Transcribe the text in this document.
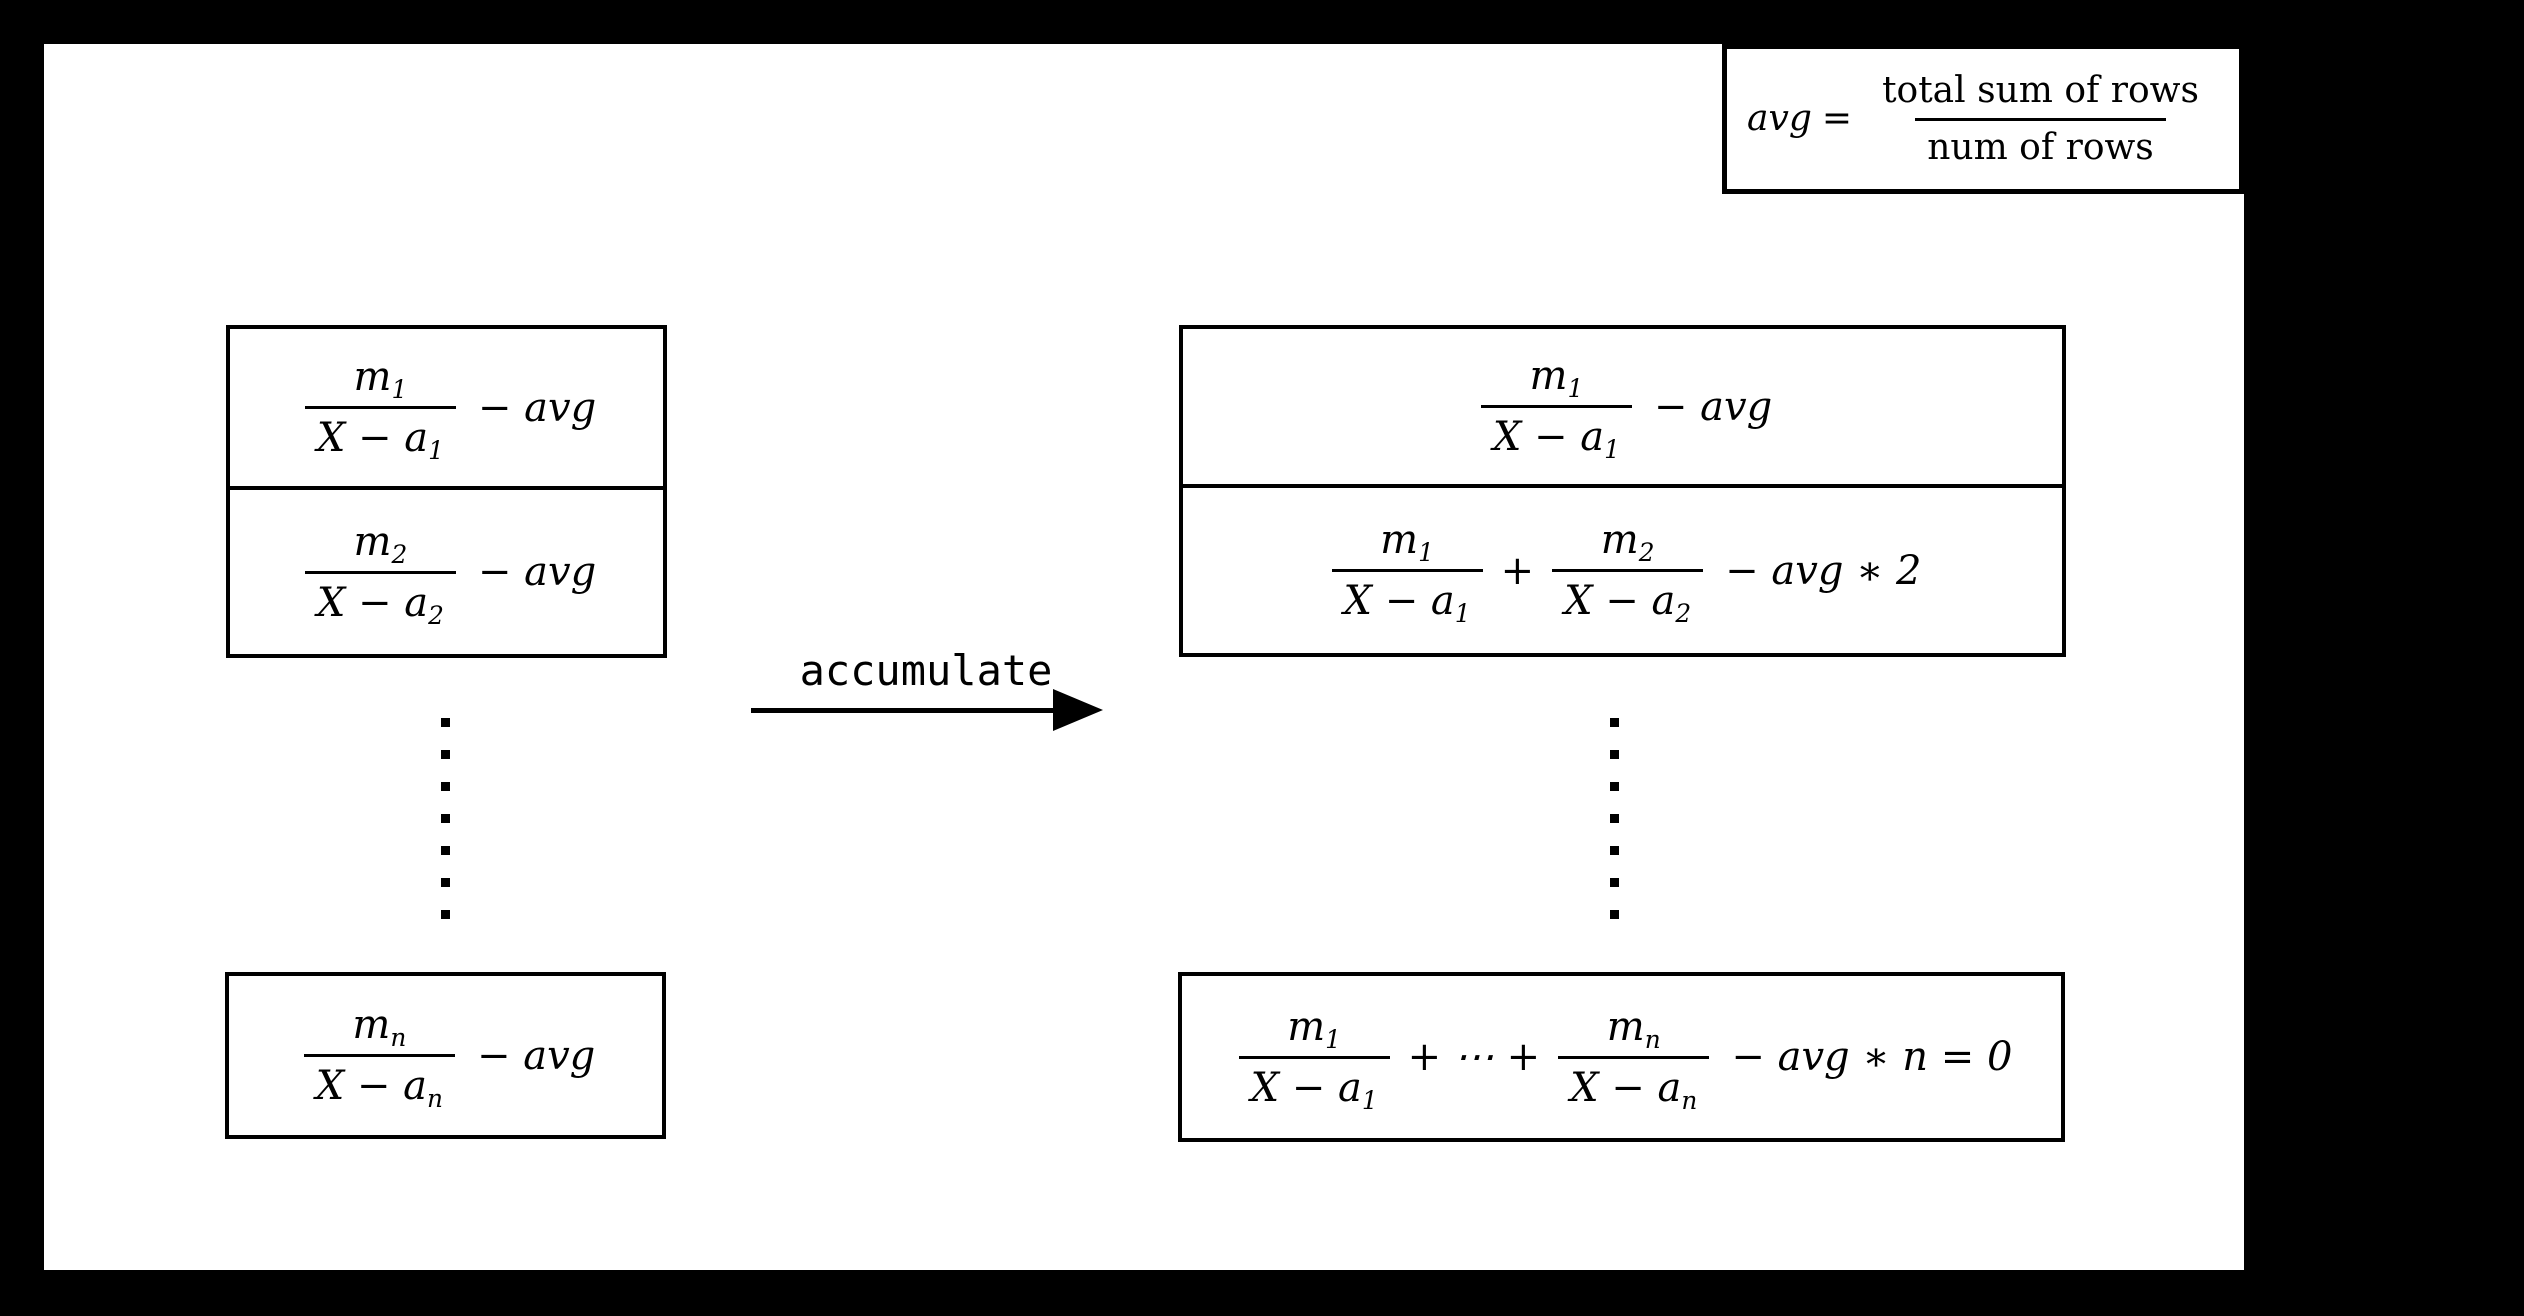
avg = $\frac{\text{total sum of rows}}{\text{num of rows}}$
$\frac{m_1}{X - a_1}$ − avg
$\frac{m_2}{X - a_2}$ − avg
$\frac{m_n}{X - a_n}$ − avg
accumulate
$\frac{m_1}{X - a_1}$ − avg
$\frac{m_1}{X - a_1} + \frac{m_2}{X - a_2}$ − avg ∗ 2
$\frac{m_1}{X - a_1}$ + ⋯ + $\frac{m_n}{X - a_n}$ − avg ∗ n = 0
